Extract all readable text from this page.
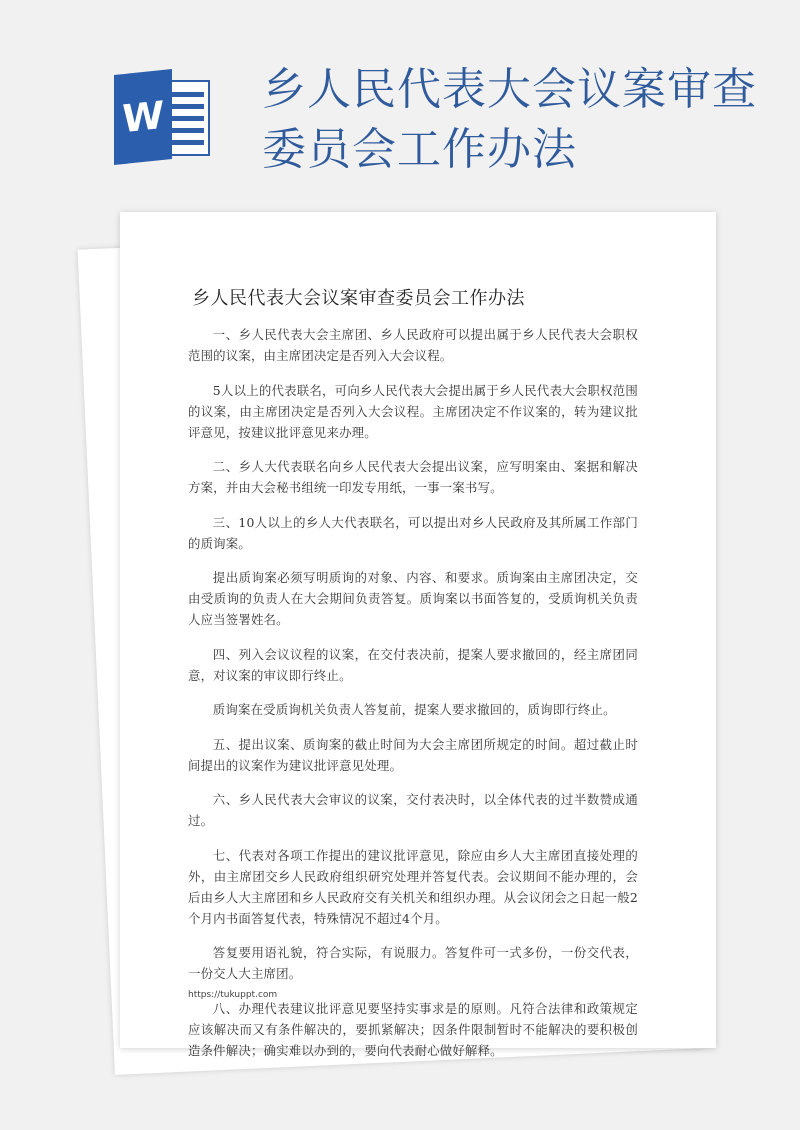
W
乡人民代表大会议案审查委员会工作办法
乡人民代表大会议案审查委员会工作办法

一、乡人民代表大会主席团、乡人民政府可以提出属于乡人民代表大会职权范围的议案，由主席团决定是否列入大会议程。

5人以上的代表联名，可向乡人民代表大会提出属于乡人民代表大会职权范围的议案，由主席团决定是否列入大会议程。主席团决定不作议案的，转为建议批评意见，按建议批评意见来办理。

二、乡人大代表联名向乡人民代表大会提出议案，应写明案由、案据和解决方案，并由大会秘书组统一印发专用纸，一事一案书写。

三、10人以上的乡人大代表联名，可以提出对乡人民政府及其所属工作部门的质询案。

提出质询案必须写明质询的对象、内容、和要求。质询案由主席团决定，交由受质询的负责人在大会期间负责答复。质询案以书面答复的，受质询机关负责人应当签署姓名。

四、列入会议议程的议案，在交付表决前，提案人要求撤回的，经主席团同意，对议案的审议即行终止。

质询案在受质询机关负责人答复前，提案人要求撤回的，质询即行终止。

五、提出议案、质询案的截止时间为大会主席团所规定的时间。超过截止时间提出的议案作为建议批评意见处理。

六、乡人民代表大会审议的议案，交付表决时，以全体代表的过半数赞成通过。

七、代表对各项工作提出的建议批评意见，除应由乡人大主席团直接处理的外，由主席团交乡人民政府组织研究处理并答复代表。会议期间不能办理的，会后由乡人大主席团和乡人民政府交有关机关和组织办理。从会议闭会之日起一般2个月内书面答复代表，特殊情况不超过4个月。

答复要用语礼貌，符合实际，有说服力。答复件可一式多份，一份交代表，一份交人大主席团。

八、办理代表建议批评意见要坚持实事求是的原则。凡符合法律和政策规定应该解决而又有条件解决的，要抓紧解决；因条件限制暂时不能解决的要积极创造条件解决；确实难以办到的，要向代表耐心做好解释。

https://tukuppt.com
